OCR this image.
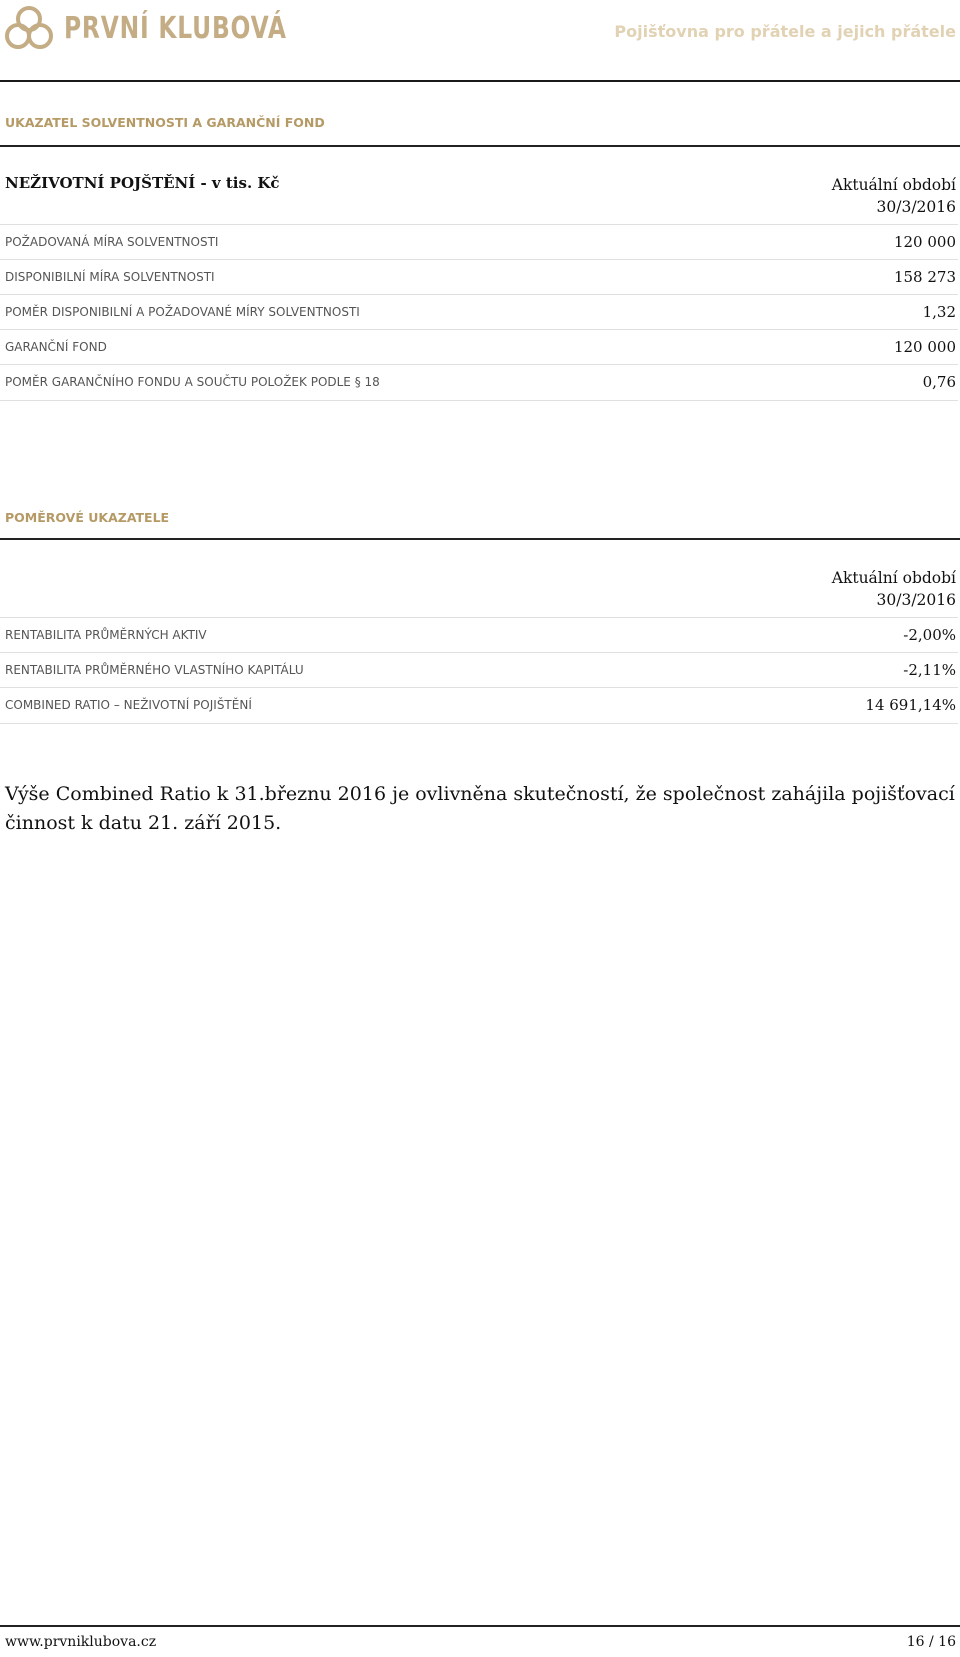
PRVNÍ KLUBOVÁ	Pojišťovna pro přátele a jejich přátele
UKAZATEL SOLVENTNOSTI A GARANČNÍ FOND
NEŽIVOTNÍ POJŠTĚNÍ - v tis. Kč	Aktuální období
30/3/2016
POŽADOVANÁ MÍRA SOLVENTNOSTI	120 000
DISPONIBILNÍ MÍRA SOLVENTNOSTI	158 273
POMĚR DISPONIBILNÍ A POŽADOVANÉ MÍRY SOLVENTNOSTI	1,32
GARANČNÍ FOND	120 000
POMĚR GARANČNÍHO FONDU A SOUČTU POLOŽEK PODLE § 18	0,76
POMĚROVÉ UKAZATELE
Aktuální období
30/3/2016
RENTABILITA PRŮMĚRNÝCH AKTIV	-2,00%
RENTABILITA PRŮMĚRNÉHO VLASTNÍHO KAPITÁLU	-2,11%
COMBINED RATIO – NEŽIVOTNÍ POJIŠTĚNÍ	14 691,14%
Výše Combined Ratio k 31.březnu 2016 je ovlivněna skutečností, že společnost zahájila pojišťovací činnost k datu 21. září 2015.
www.prvniklubova.cz	16 / 16
